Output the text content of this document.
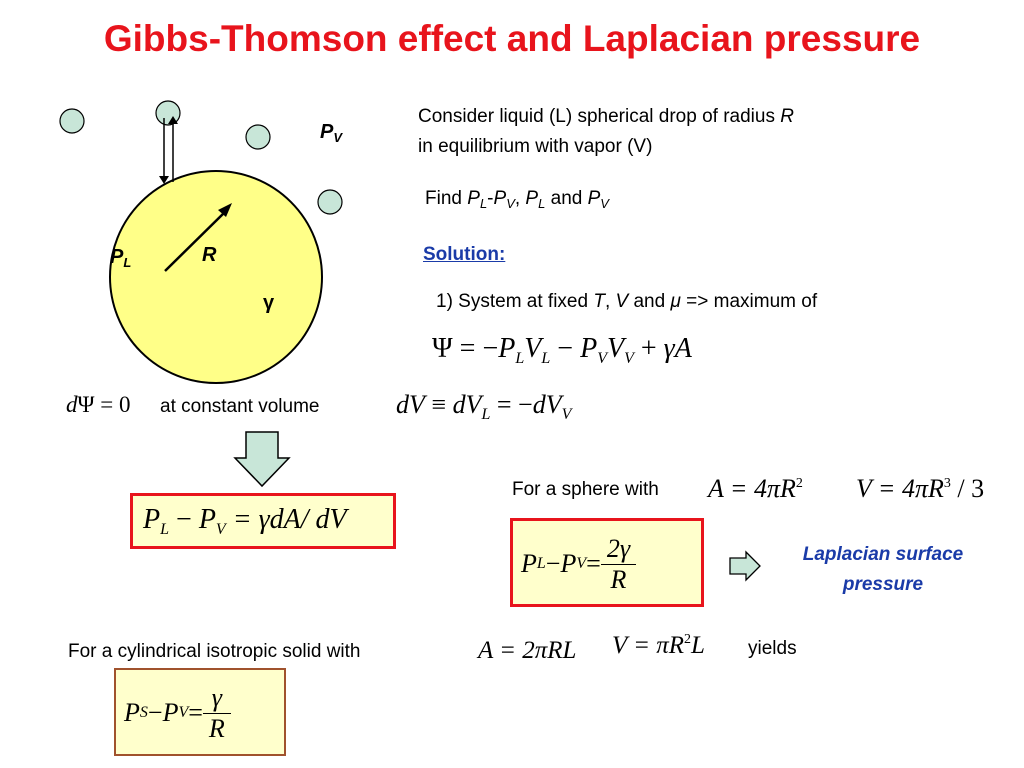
Gibbs-Thomson effect and Laplacian pressure
$P_V$
$P_L$	R
γ
Consider liquid (L) spherical drop of radius R
in equilibrium with vapor (V)
Find $P_L-P_V$, $P_L$ and $P_V$
Solution:
1) System at fixed T, V and μ => maximum of
$\Psi = -P_LV_L - P_VV_V + \gamma A$
dΨ = 0 at constant volume	dV ≡ $dV_L = -dV_V$
$P_L - P_V = \gamma dA/$ dV
For a sphere with $A = 4\pi R^2$ $V = 4\pi R^3 / 3$
P L − P $V = \frac{2\gamma}{R}$	Laplacian surface
pressure
For a cylindrical isotropic solid with	A = 2πRL $V = \pi R^2L$ yields
P S − P $V = \frac{\gamma}{R}$
